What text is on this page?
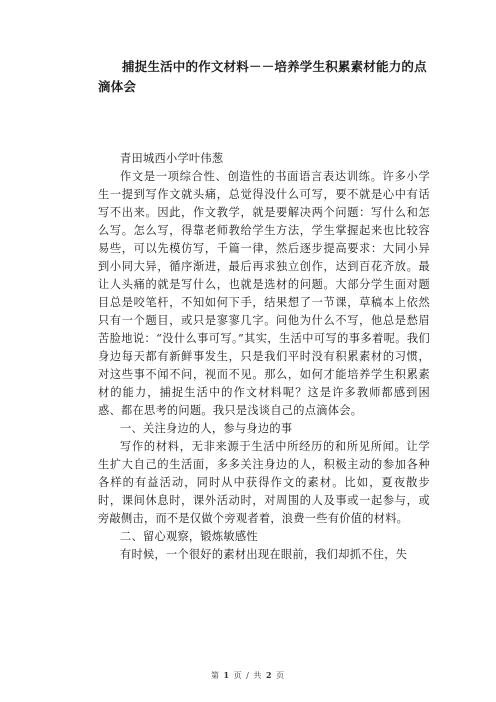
捕捉生活中的作文材料－－培养学生积累素材能力的点滴体会

青田城西小学叶伟葱

作文是一项综合性、创造性的书面语言表达训练。许多小学生一提到写作文就头痛，总觉得没什么可写，要不就是心中有话写不出来。因此，作文教学，就是要解决两个问题：写什么和怎么写。怎么写，得靠老师教给学生方法，学生掌握起来也比较容易些，可以先模仿写，千篇一律，然后逐步提高要求：大同小异到小同大异，循序渐进，最后再求独立创作，达到百花齐放。最让人头痛的就是写什么，也就是选材的问题。大部分学生面对题目总是咬笔杆，不知如何下手，结果想了一节课，草稿本上依然只有一个题目，或只是寥寥几字。问他为什么不写，他总是愁眉苦脸地说：“没什么事可写。”其实，生活中可写的事多着呢。我们身边每天都有新鲜事发生，只是我们平时没有积累素材的习惯，对这些事不闻不问，视而不见。那么，如何才能培养学生积累素材的能力，捕捉生活中的作文材料呢？这是许多教师都感到困惑、都在思考的问题。我只是浅谈自己的点滴体会。

一、关注身边的人，参与身边的事

写作的材料，无非来源于生活中所经历的和所见所闻。让学生扩大自己的生活面，多多关注身边的人，积极主动的参加各种各样的有益活动，同时从中获得作文的素材。比如，夏夜散步时，课间休息时，课外活动时，对周围的人及事或一起参与，或旁敲侧击，而不是仅做个旁观者着，浪费一些有价值的材料。

二、留心观察，锻炼敏感性

有时候，一个很好的素材出现在眼前，我们却抓不住，失

第 1 页 / 共 2 页
